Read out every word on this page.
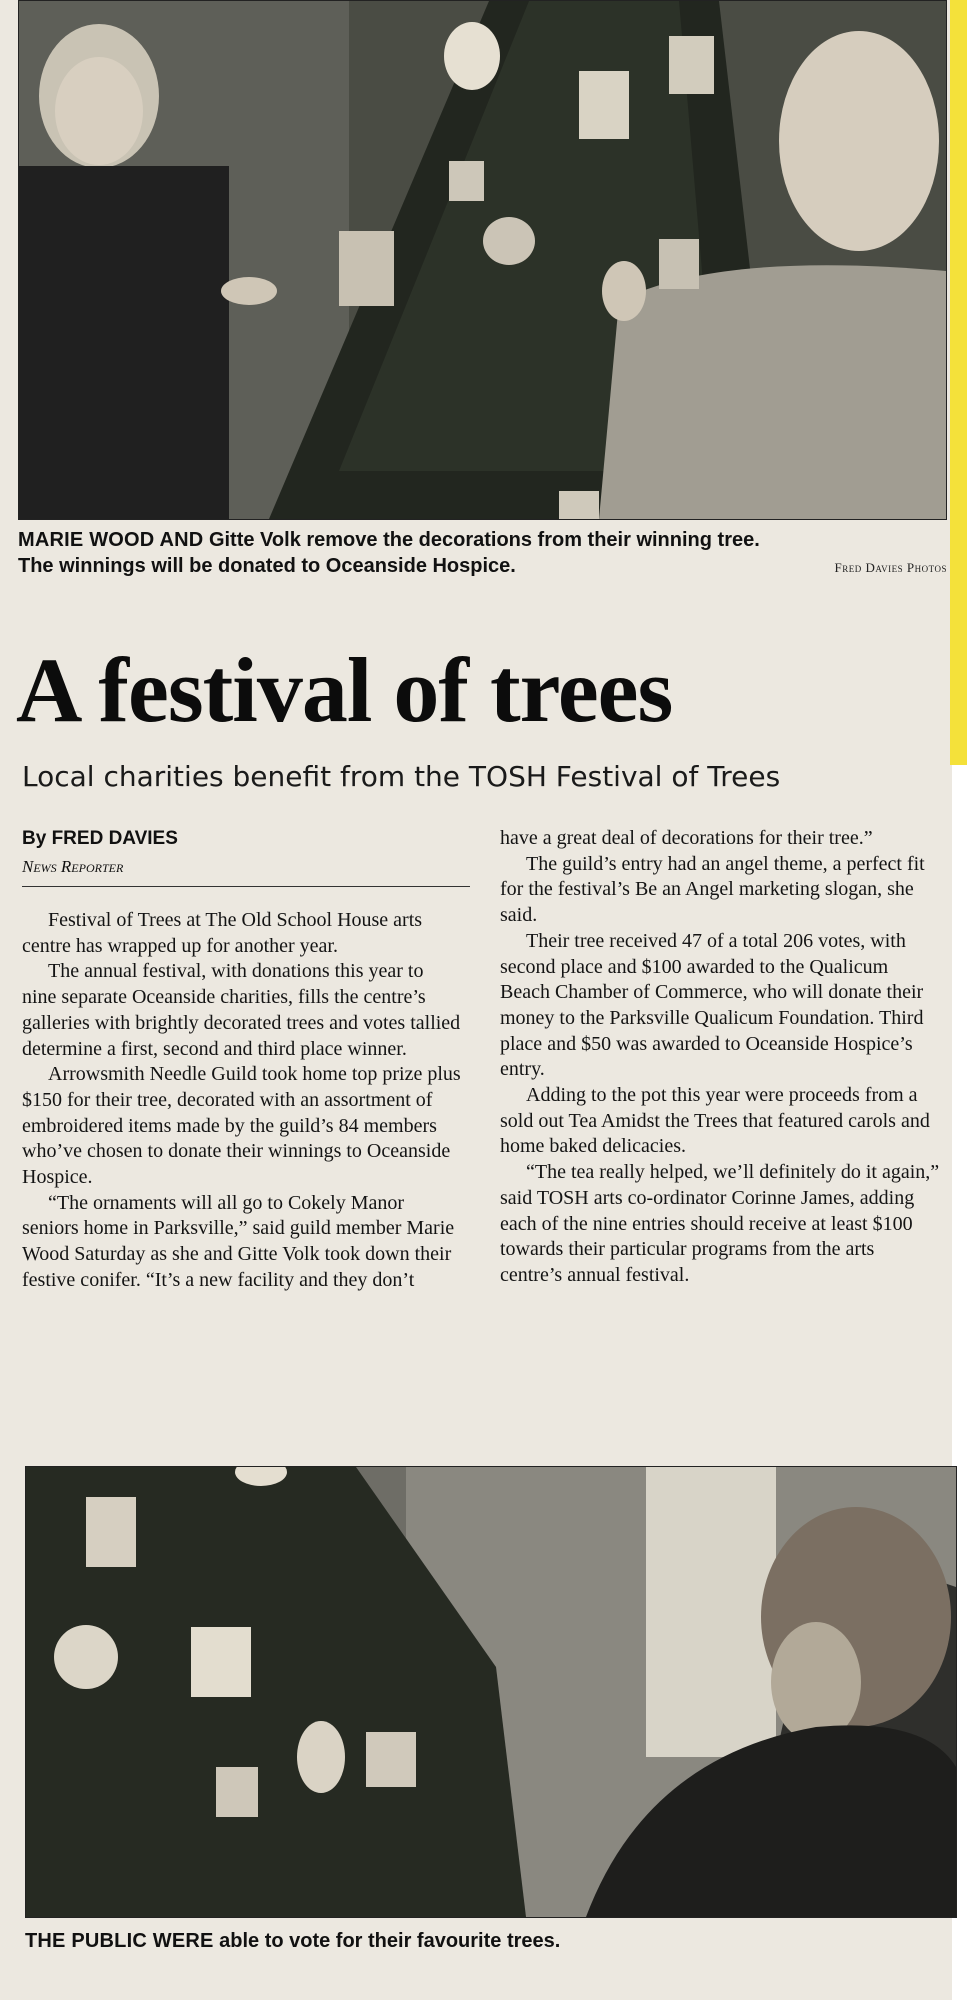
MARIE WOOD AND Gitte Volk remove the decorations from their winning tree.
The winnings will be donated to Oceanside Hospice.	Fred Davies Photos
A festival of trees
Local charities benefit from the TOSH Festival of Trees
By FRED DAVIES
News Reporter

Festival of Trees at The Old School House arts centre has wrapped up for another year.

The annual festival, with donations this year to nine separate Oceanside charities, fills the centre’s galleries with brightly decorated trees and votes tallied determine a first, second and third place winner.

Arrowsmith Needle Guild took home top prize plus $150 for their tree, decorated with an assortment of embroidered items made by the guild’s 84 members who’ve chosen to donate their winnings to Oceanside Hospice.

“The ornaments will all go to Cokely Manor seniors home in Parksville,” said guild member Marie Wood Saturday as she and Gitte Volk took down their festive conifer. “It’s a new facility and they don’t

have a great deal of decorations for their tree.”

The guild’s entry had an angel theme, a perfect fit for the festival’s Be an Angel marketing slogan, she said.

Their tree received 47 of a total 206 votes, with second place and $100 awarded to the Qualicum Beach Chamber of Commerce, who will donate their money to the Parksville Qualicum Foundation. Third place and $50 was awarded to Oceanside Hospice’s entry.

Adding to the pot this year were proceeds from a sold out Tea Amidst the Trees that featured carols and home baked delicacies.

“The tea really helped, we’ll definitely do it again,” said TOSH arts co-ordinator Corinne James, adding each of the nine entries should receive at least $100 towards their particular programs from the arts centre’s annual festival.

THE PUBLIC WERE able to vote for their favourite trees.
